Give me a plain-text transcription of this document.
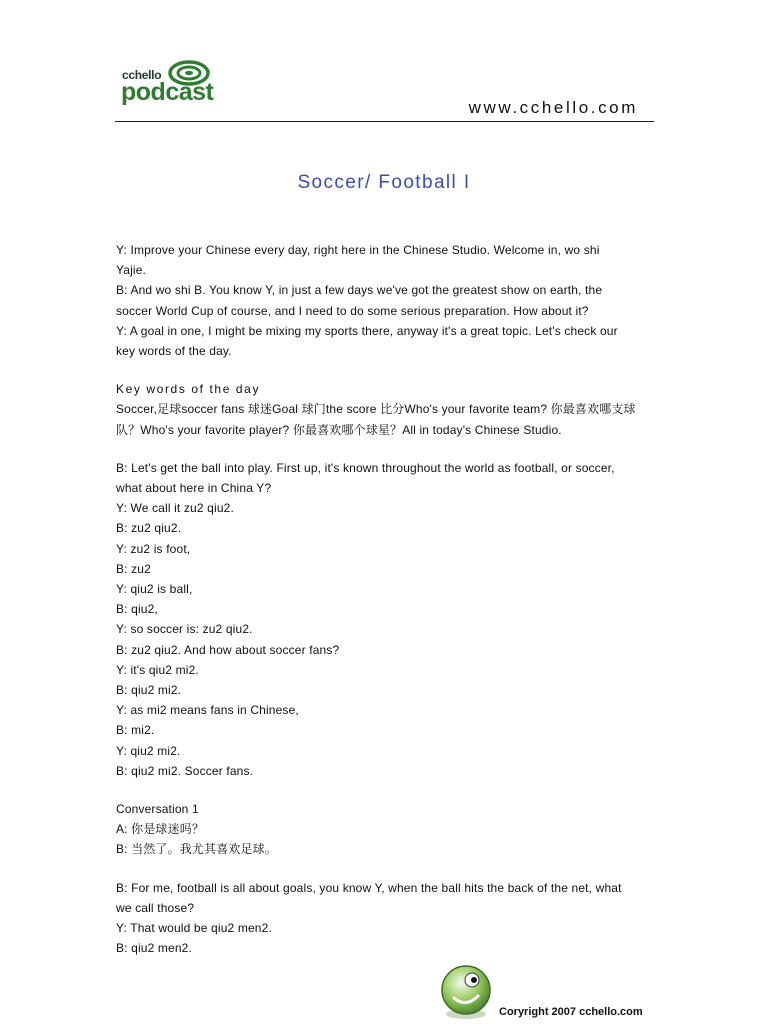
cchello
podcast
www.cchello.com
Soccer/ Football I

Y: Improve your Chinese every day, right here in the Chinese Studio. Welcome in, wo shi

Yajie.

B: And wo shi B. You know Y, in just a few days we've got the greatest show on earth, the

soccer World Cup of course, and I need to do some serious preparation. How about it?

Y: A goal in one, I might be mixing my sports there, anyway it's a great topic. Let's check our

key words of the day.

Key words of the day

Soccer,足球soccer fans 球迷Goal 球门the score 比分Who's your favorite team? 你最喜欢哪支球

队？Who's your favorite player? 你最喜欢哪个球星？All in today's Chinese Studio.

B: Let's get the ball into play. First up, it's known throughout the world as football, or soccer,

what about here in China Y?

Y: We call it zu2 qiu2.

B: zu2 qiu2.

Y: zu2 is foot,

B: zu2

Y: qiu2 is ball,

B: qiu2,

Y: so soccer is: zu2 qiu2.

B: zu2 qiu2. And how about soccer fans?

Y: it's qiu2 mi2.

B: qiu2 mi2.

Y: as mi2 means fans in Chinese,

B: mi2.

Y: qiu2 mi2.

B: qiu2 mi2. Soccer fans.

Conversation 1

A: 你是球迷吗？

B: 当然了。我尤其喜欢足球。

B: For me, football is all about goals, you know Y, when the ball hits the back of the net, what

we call those?

Y: That would be qiu2 men2.

B: qiu2 men2.

Coryright 2007 cchello.com
